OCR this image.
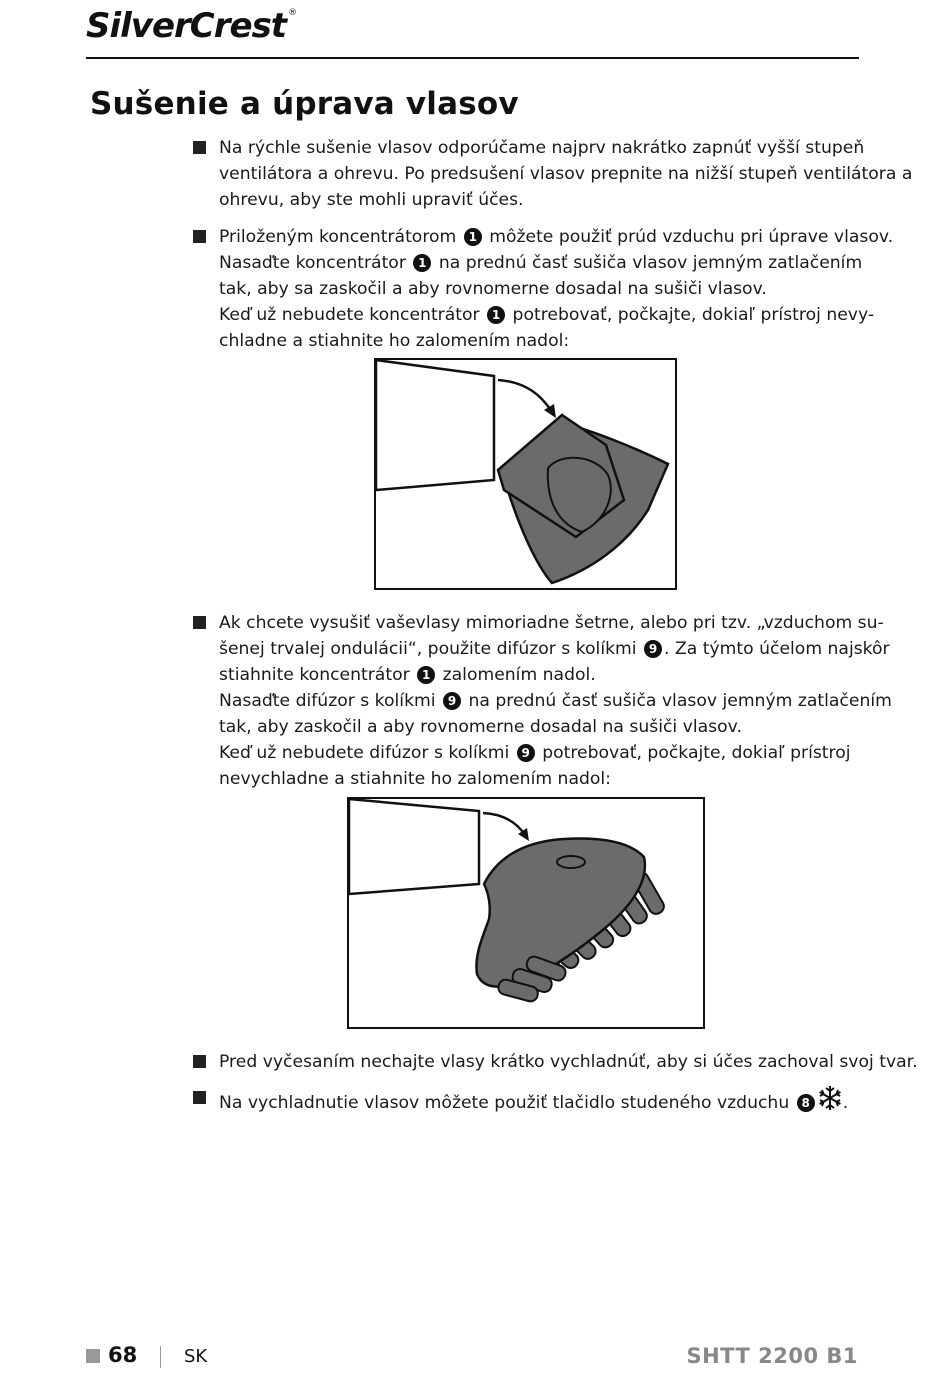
SilverCrest ®
Sušenie a úprava vlasov
Na rýchle sušenie vlasov odporúčame najprv nakrátko zapnúť vyšší stupeň
ventilátora a ohrevu. Po predsušení vlasov prepnite na nižší stupeň ventilátora a
ohrevu, aby ste mohli upraviť účes.
Priloženým koncentrátorom 1 môžete použiť prúd vzduchu pri úprave vlasov.
Nasaďte koncentrátor 1 na prednú časť sušiča vlasov jemným zatlačením
tak, aby sa zaskočil a aby rovnomerne dosadal na sušiči vlasov.
Keď už nebudete koncentrátor 1 potrebovať, počkajte, dokiaľ prístroj nevy-
chladne a stiahnite ho zalomením nadol:
Ak chcete vysušiť vaševlasy mimoriadne šetrne, alebo pri tzv. „vzduchom su-
šenej trvalej ondulácii“, použite difúzor s kolíkmi 9 . Za týmto účelom najskôr
stiahnite koncentrátor 1 zalomením nadol.
Nasaďte difúzor s kolíkmi 9 na prednú časť sušiča vlasov jemným zatlačením
tak, aby zaskočil a aby rovnomerne dosadal na sušiči vlasov.
Keď už nebudete difúzor s kolíkmi 9 potrebovať, počkajte, dokiaľ prístroj
nevychladne a stiahnite ho zalomením nadol:
Pred vyčesaním nechajte vlasy krátko vychladnúť, aby si účes zachoval svoj tvar.
Na vychladnutie vlasov môžete použiť tlačidlo studeného vzduchu 8 .
68	SK	SHTT 2200 B1
